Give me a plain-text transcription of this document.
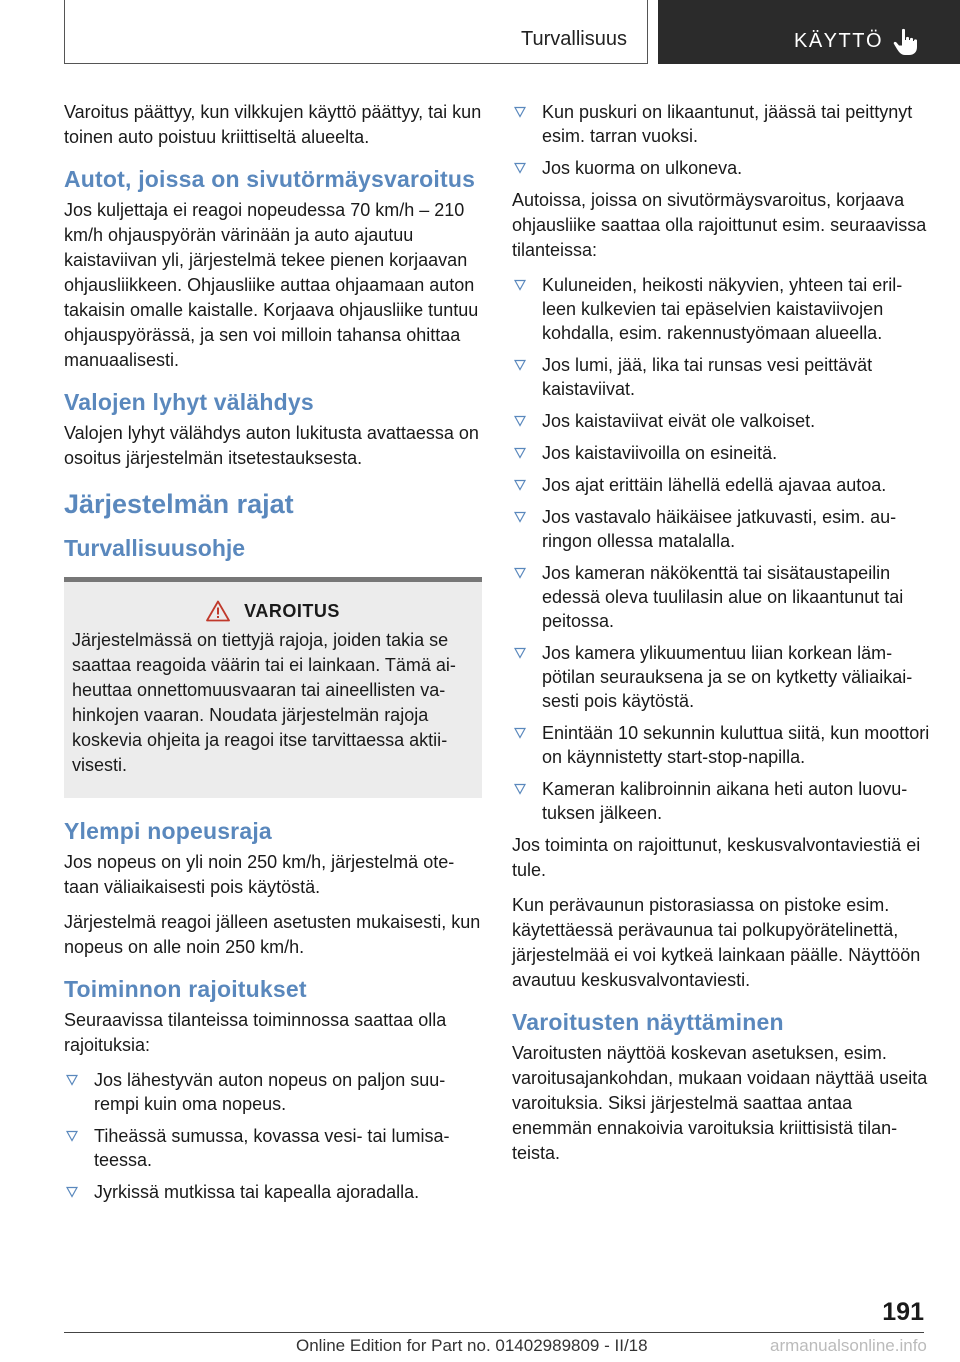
Turvallisuus	KÄYTTÖ

Varoitus päättyy, kun vilkkujen käyttö päättyy, tai kun toinen auto poistuu kriittiseltä alueelta.

Autot, joissa on sivutörmäysvaroitus

Jos kuljettaja ei reagoi nopeudessa 70 km/h – 210 km/h ohjauspyörän värinään ja auto ajautuu kaistaviivan yli, järjestelmä tekee pienen korjaavan ohjausliikkeen. Ohjausliike auttaa ohjaamaan auton takaisin omalle kaistalle. Korjaava ohjausliike tuntuu ohjauspyörässä, ja sen voi milloin tahansa ohittaa manuaalisesti.

Valojen lyhyt välähdys

Valojen lyhyt välähdys auton lukitusta avattaessa on osoitus järjestelmän itsetestauksesta.

Järjestelmän rajat
Turvallisuusohje
VAROITUS

Järjestelmässä on tiettyjä rajoja, joiden takia se saattaa reagoida väärin tai ei lainkaan. Tämä aiheuttaa onnettomuusvaaran tai aineellisten vahinkojen vaaran. Noudata järjestelmän rajoja koskevia ohjeita ja reagoi itse tarvittaessa aktiivisesti.

Ylempi nopeusraja

Jos nopeus on yli noin 250 km/h, järjestelmä otetaan väliaikaisesti pois käytöstä.

Järjestelmä reagoi jälleen asetusten mukaisesti, kun nopeus on alle noin 250 km/h.

Toiminnon rajoitukset

Seuraavissa tilanteissa toiminnossa saattaa olla rajoituksia:

Jos lähestyvän auton nopeus on paljon suurempi kuin oma nopeus.
Tiheässä sumussa, kovassa vesi- tai lumisateessa.
Jyrkissä mutkissa tai kapealla ajoradalla.
Kun puskuri on likaantunut, jäässä tai peittynyt esim. tarran vuoksi.
Jos kuorma on ulkoneva.

Autoissa, joissa on sivutörmäysvaroitus, korjaava ohjausliike saattaa olla rajoittunut esim. seuraavissa tilanteissa:

Kuluneiden, heikosti näkyvien, yhteen tai erilleen kulkevien tai epäselvien kaistaviivojen kohdalla, esim. rakennustyömaan alueella.
Jos lumi, jää, lika tai runsas vesi peittävät kaistaviivat.
Jos kaistaviivat eivät ole valkoiset.
Jos kaistaviivoilla on esineitä.
Jos ajat erittäin lähellä edellä ajavaa autoa.
Jos vastavalo häikäisee jatkuvasti, esim. auringon ollessa matalalla.
Jos kameran näkökenttä tai sisätaustapeilin edessä oleva tuulilasin alue on likaantunut tai peitossa.
Jos kamera ylikuumentuu liian korkean lämpötilan seurauksena ja se on kytketty väliaikaisesti pois käytöstä.
Enintään 10 sekunnin kuluttua siitä, kun moottori on käynnistetty start-stop-napilla.
Kameran kalibroinnin aikana heti auton luovutuksen jälkeen.

Jos toiminta on rajoittunut, keskusvalvontaviestiä ei tule.

Kun perävaunun pistorasiassa on pistoke esim. käytettäessä perävaunua tai polkupyörätelinettä, järjestelmää ei voi kytkeä lainkaan päälle. Näyttöön avautuu keskusvalvontaviesti.

Varoitusten näyttäminen

Varoitusten näyttöä koskevan asetuksen, esim. varoitusajankohdan, mukaan voidaan näyttää useita varoituksia. Siksi järjestelmä saattaa antaa enemmän ennakoivia varoituksia kriittisistä tilanteista.

191
Online Edition for Part no. 01402989809 - II/18	armanualsonline.info
